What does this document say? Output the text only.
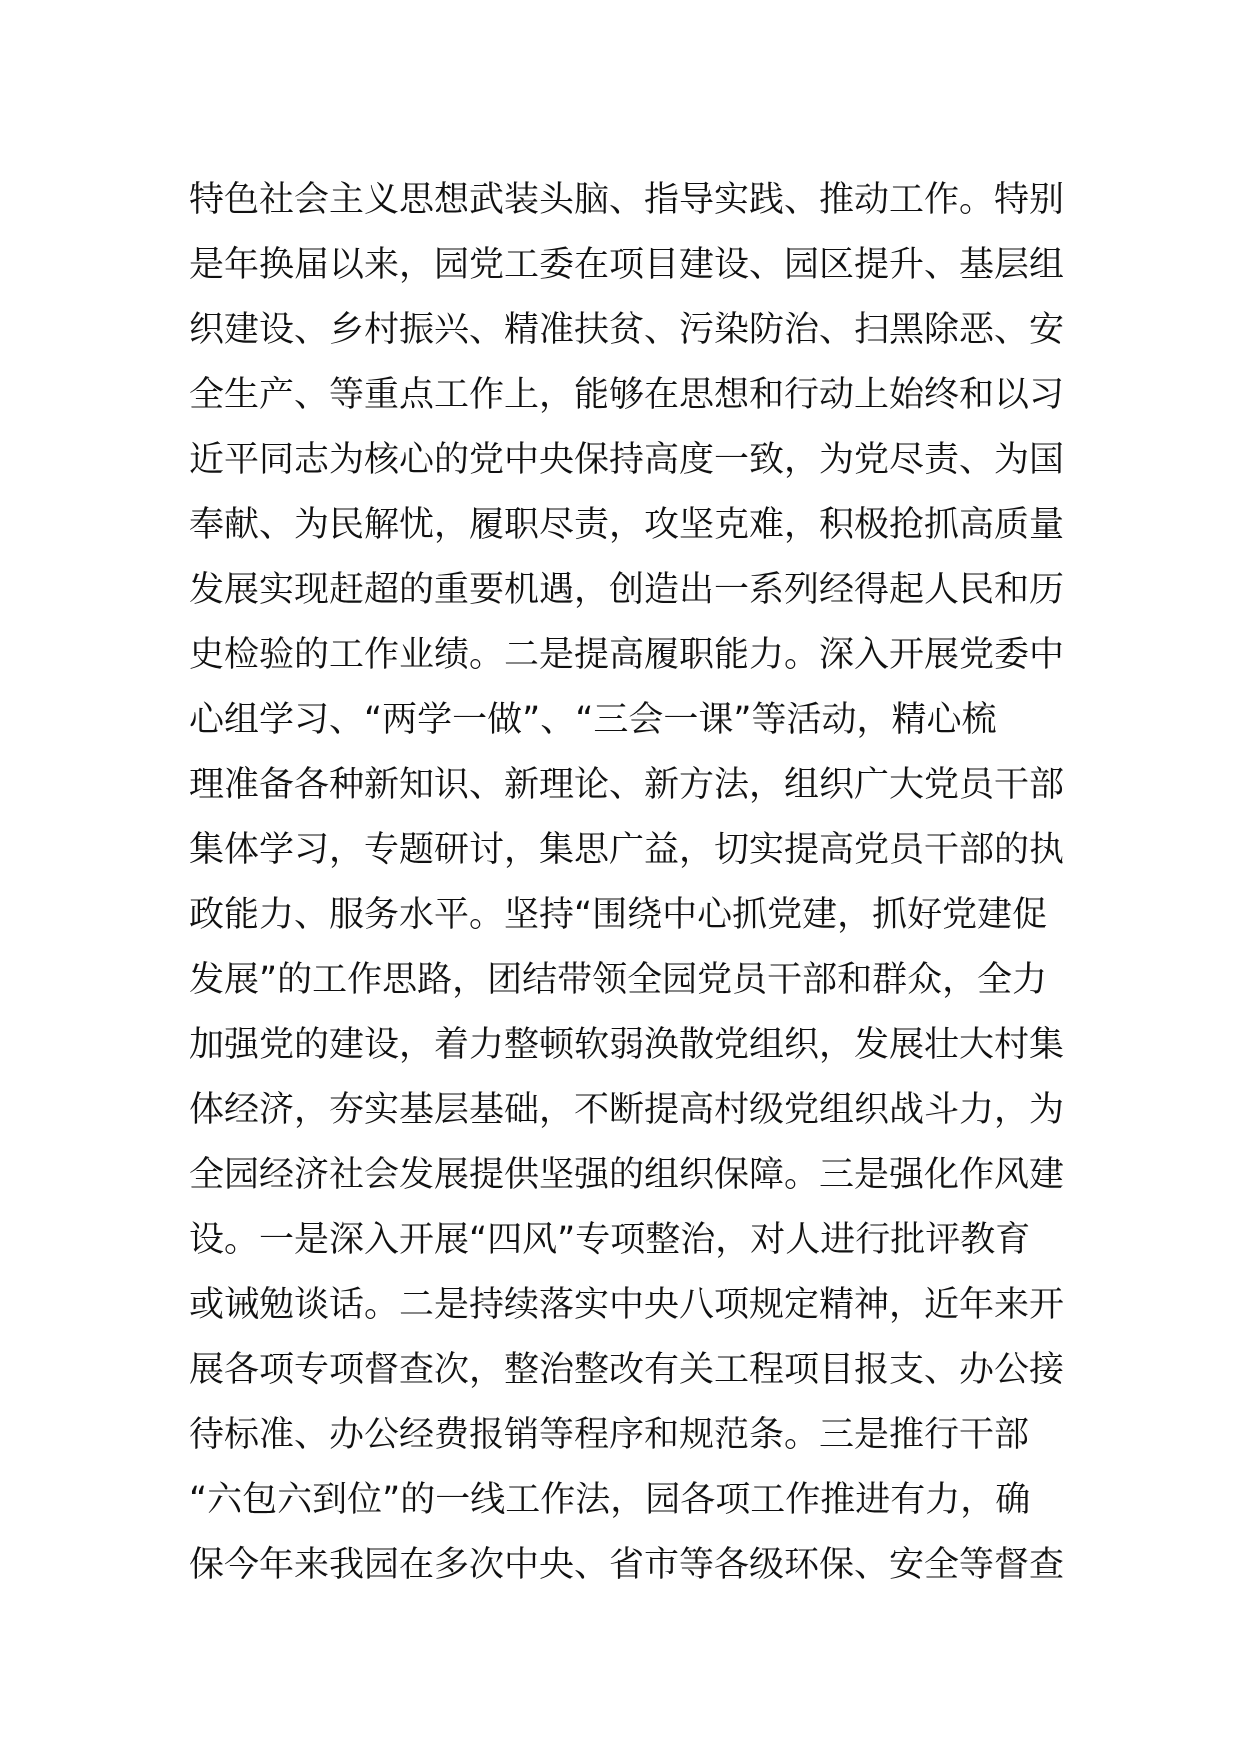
特色社会主义思想武装头脑、指导实践、推动工作。特别
是年换届以来，园党工委在项目建设、园区提升、基层组
织建设、乡村振兴、精准扶贫、污染防治、扫黑除恶、安
全生产、等重点工作上，能够在思想和行动上始终和以习
近平同志为核心的党中央保持高度一致，为党尽责、为国
奉献、为民解忧，履职尽责，攻坚克难，积极抢抓高质量
发展实现赶超的重要机遇，创造出一系列经得起人民和历
史检验的工作业绩。二是提高履职能力。深入开展党委中
心组学习、“两学一做”、“三会一课”等活动，精心梳
理准备各种新知识、新理论、新方法，组织广大党员干部
集体学习，专题研讨，集思广益，切实提高党员干部的执
政能力、服务水平。坚持“围绕中心抓党建，抓好党建促
发展”的工作思路，团结带领全园党员干部和群众，全力
加强党的建设，着力整顿软弱涣散党组织，发展壮大村集
体经济，夯实基层基础，不断提高村级党组织战斗力，为
全园经济社会发展提供坚强的组织保障。三是强化作风建
设。一是深入开展“四风”专项整治，对人进行批评教育
或诫勉谈话。二是持续落实中央八项规定精神，近年来开
展各项专项督查次，整治整改有关工程项目报支、办公接
待标准、办公经费报销等程序和规范条。三是推行干部
“六包六到位”的一线工作法，园各项工作推进有力，确
保今年来我园在多次中央、省市等各级环保、安全等督查
